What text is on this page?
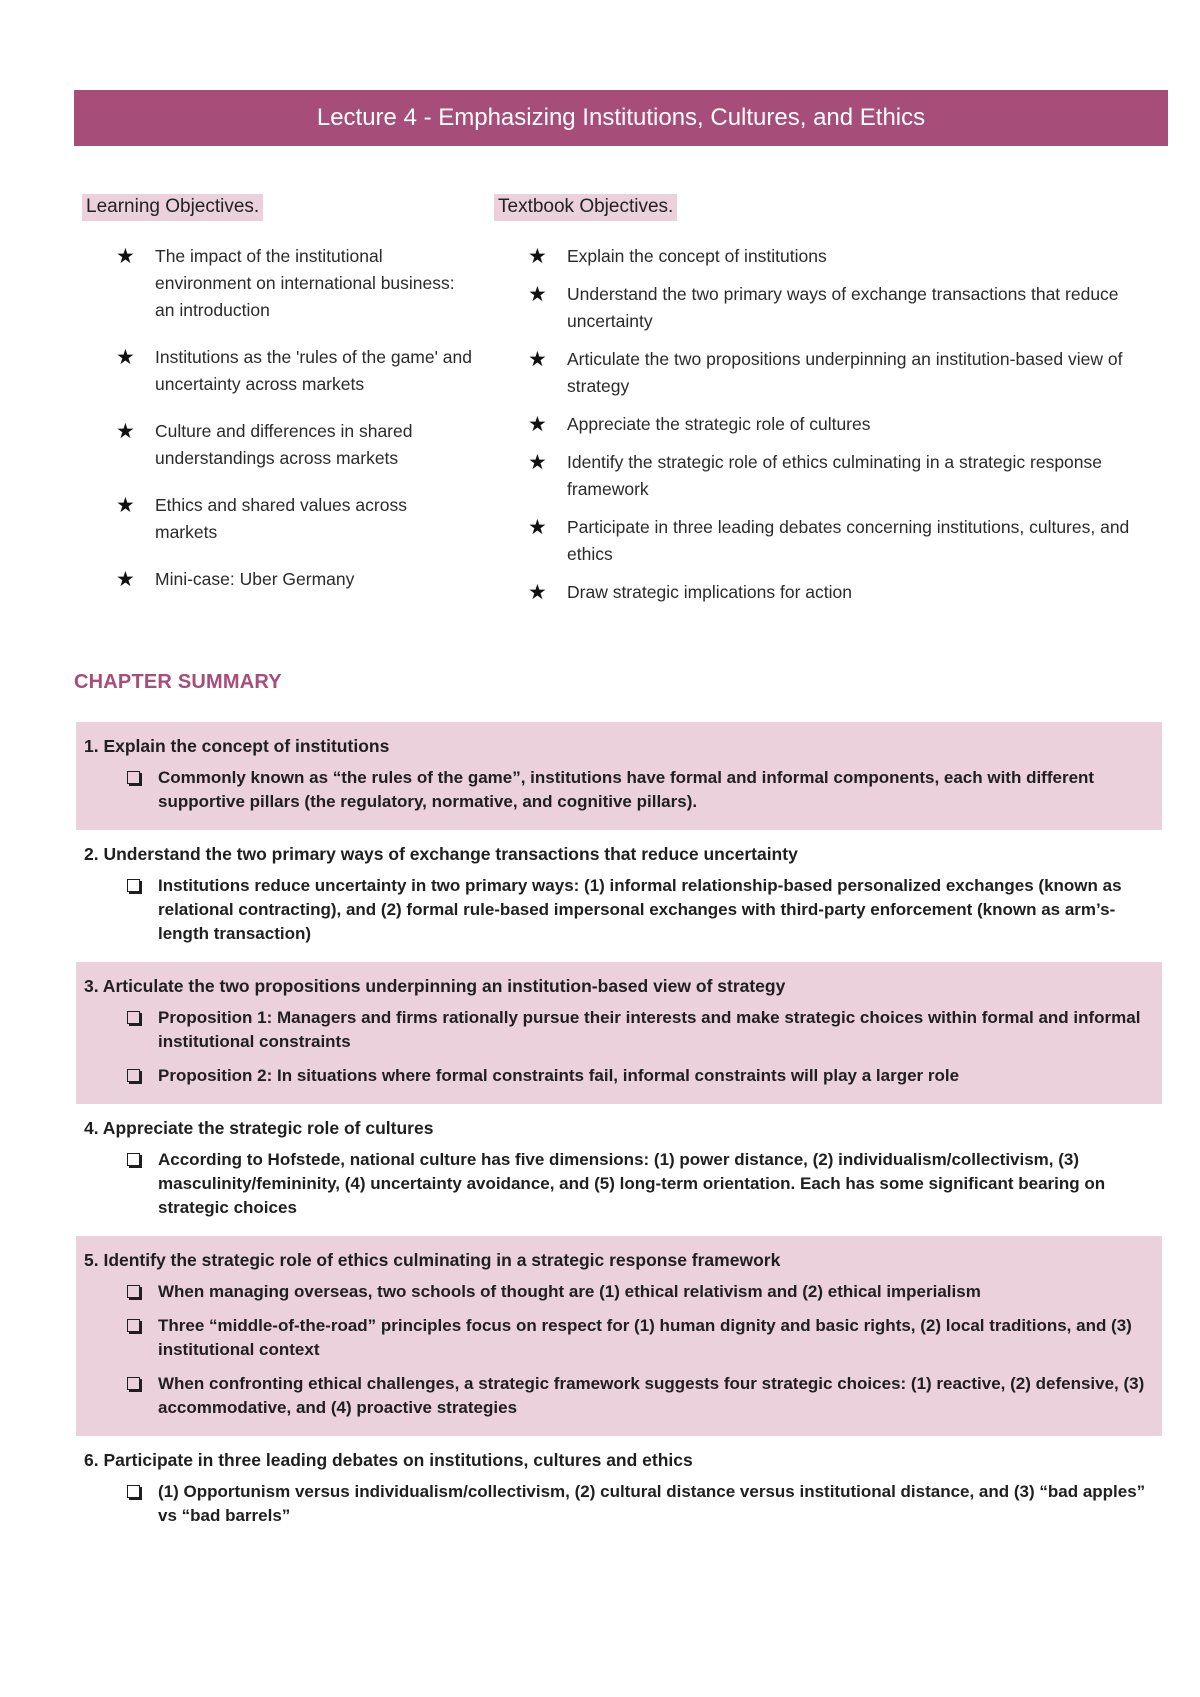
Lecture 4 - Emphasizing Institutions, Cultures, and Ethics
Learning Objectives.
★ The impact of the institutional environment on international business: an introduction
★ Institutions as the 'rules of the game' and uncertainty across markets
★ Culture and differences in shared understandings across markets
★ Ethics and shared values across markets
★ Mini-case: Uber Germany
Textbook Objectives.
★ Explain the concept of institutions
★ Understand the two primary ways of exchange transactions that reduce uncertainty
★ Articulate the two propositions underpinning an institution-based view of strategy
★ Appreciate the strategic role of cultures
★ Identify the strategic role of ethics culminating in a strategic response framework
★ Participate in three leading debates concerning institutions, cultures, and ethics
★ Draw strategic implications for action
CHAPTER SUMMARY
1. Explain the concept of institutions
Commonly known as “the rules of the game”, institutions have formal and informal components, each with different supportive pillars (the regulatory, normative, and cognitive pillars).
2. Understand the two primary ways of exchange transactions that reduce uncertainty
Institutions reduce uncertainty in two primary ways: (1) informal relationship-based personalized exchanges (known as relational contracting), and (2) formal rule-based impersonal exchanges with third-party enforcement (known as arm’s-length transaction)
3. Articulate the two propositions underpinning an institution-based view of strategy
Proposition 1: Managers and firms rationally pursue their interests and make strategic choices within formal and informal institutional constraints
Proposition 2: In situations where formal constraints fail, informal constraints will play a larger role
4. Appreciate the strategic role of cultures
According to Hofstede, national culture has five dimensions: (1) power distance, (2) individualism/collectivism, (3) masculinity/femininity, (4) uncertainty avoidance, and (5) long-term orientation. Each has some significant bearing on strategic choices
5. Identify the strategic role of ethics culminating in a strategic response framework
When managing overseas, two schools of thought are (1) ethical relativism and (2) ethical imperialism
Three “middle-of-the-road” principles focus on respect for (1) human dignity and basic rights, (2) local traditions, and (3) institutional context
When confronting ethical challenges, a strategic framework suggests four strategic choices: (1) reactive, (2) defensive, (3) accommodative, and (4) proactive strategies
6. Participate in three leading debates on institutions, cultures and ethics
(1) Opportunism versus individualism/collectivism, (2) cultural distance versus institutional distance, and (3) “bad apples” vs “bad barrels”
